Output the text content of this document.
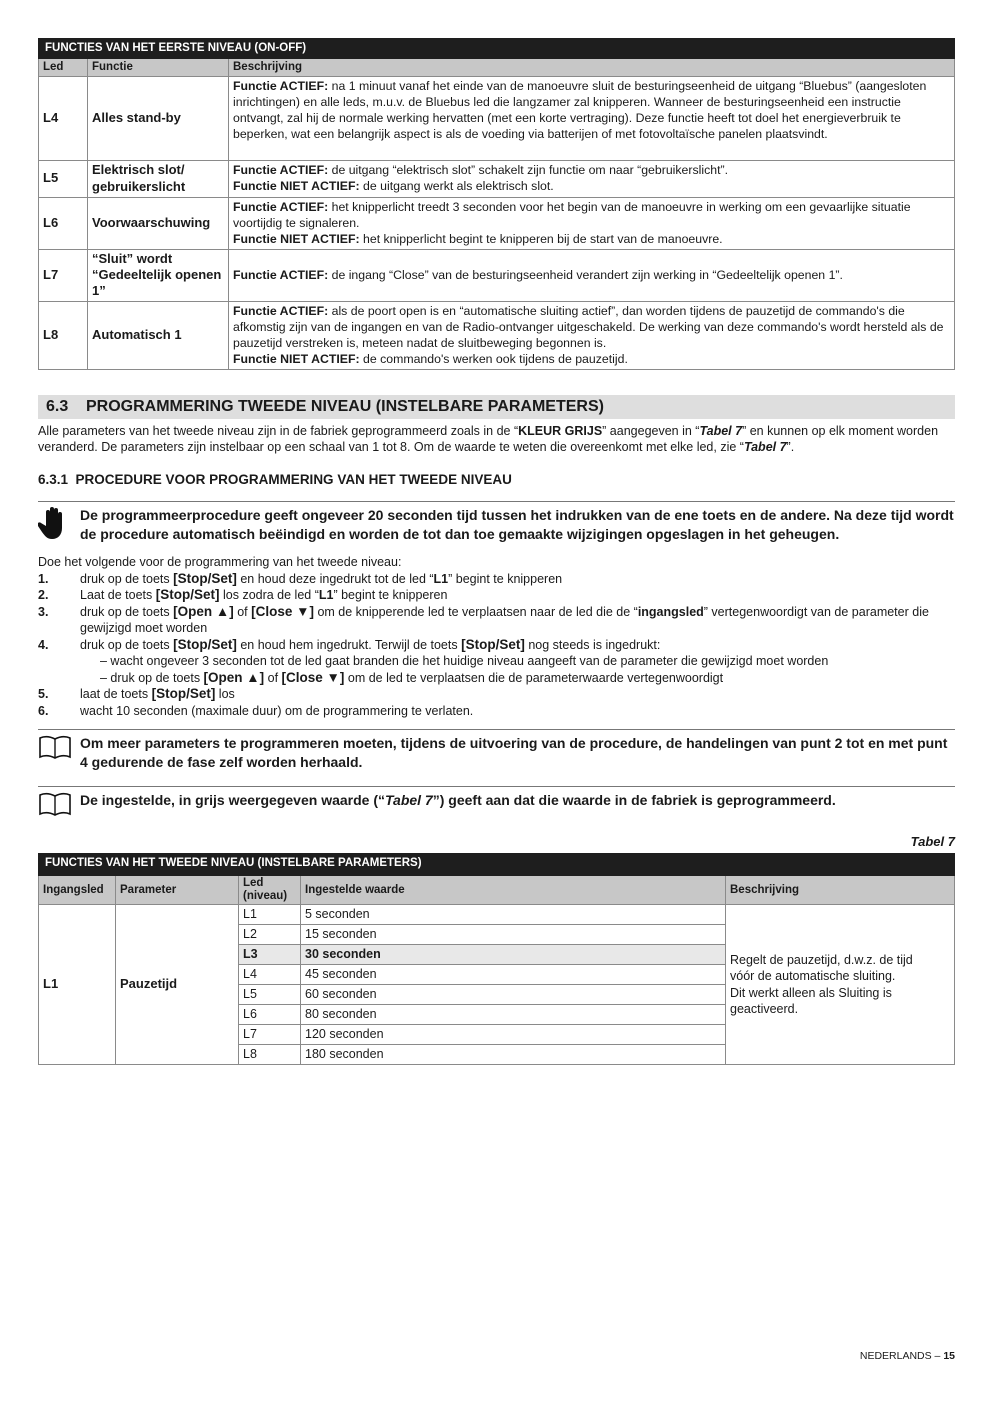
FUNCTIES VAN HET EERSTE NIVEAU (ON-OFF)		
Led	Functie	Beschrijving
L4	Alles stand-by	Functie ACTIEF: na 1 minuut vanaf het einde van de manoeuvre sluit de besturingseenheid de uitgang “Bluebus” (aangesloten inrichtingen) en alle leds, m.u.v. de Bluebus led die langzamer zal knipperen. Wanneer de besturingseenheid een instructie ontvangt, zal hij de normale werking hervatten (met een korte vertraging). Deze functie heeft tot doel het energieverbruik te beperken, wat een belangrijk aspect is als de voeding via batterijen of met fotovoltaïsche panelen plaatsvindt.
L5	Elektrisch slot/ gebruikerslicht	Functie ACTIEF: de uitgang “elektrisch slot” schakelt zijn functie om naar “gebruikerslicht”.
Functie NIET ACTIEF: de uitgang werkt als elektrisch slot.
L6	Voorwaarschuwing	Functie ACTIEF: het knipperlicht treedt 3 seconden voor het begin van de manoeuvre in werking om een gevaarlijke situatie voortijdig te signaleren.
Functie NIET ACTIEF: het knipperlicht begint te knipperen bij de start van de manoeuvre.
L7	“Sluit” wordt “Gedeeltelijk openen 1”	Functie ACTIEF: de ingang “Close” van de besturingseenheid verandert zijn werking in “Gedeeltelijk openen 1”.
L8	Automatisch 1	Functie ACTIEF: als de poort open is en “automatische sluiting actief”, dan worden tijdens de pauzetijd de commando's die afkomstig zijn van de ingangen en van de Radio-ontvanger uitgeschakeld. De werking van deze commando's wordt hersteld als de pauzetijd verstreken is, meteen nadat de sluitbeweging begonnen is.
Functie NIET ACTIEF: de commando's werken ook tijdens de pauzetijd.
6.3 PROGRAMMERING TWEEDE NIVEAU (INSTELBARE PARAMETERS)
Alle parameters van het tweede niveau zijn in de fabriek geprogrammeerd zoals in de “KLEUR GRIJS” aangegeven in “Tabel 7” en kunnen op elk moment worden veranderd. De parameters zijn instelbaar op een schaal van 1 tot 8. Om de waarde te weten die overeenkomt met elke led, zie “Tabel 7”.
6.3.1 PROCEDURE VOOR PROGRAMMERING VAN HET TWEEDE NIVEAU
De programmeerprocedure geeft ongeveer 20 seconden tijd tussen het indrukken van de ene toets en de andere. Na deze tijd wordt de procedure automatisch beëindigd en worden de tot dan toe gemaakte wijzigingen opgeslagen in het geheugen.
Doe het volgende voor de programmering van het tweede niveau:
1.	druk op de toets [Stop/Set] en houd deze ingedrukt tot de led “L1” begint te knipperen
2.	Laat de toets [Stop/Set] los zodra de led “L1” begint te knipperen
3.	druk op de toets [Open ▲] of [Close ▼] om de knipperende led te verplaatsen naar de led die de “ingangsled” vertegenwoordigt van de parameter die gewijzigd moet worden
4.	druk op de toets [Stop/Set] en houd hem ingedrukt. Terwijl de toets [Stop/Set] nog steeds is ingedrukt:
– wacht ongeveer 3 seconden tot de led gaat branden die het huidige niveau aangeeft van de parameter die gewijzigd moet worden
– druk op de toets [Open ▲] of [Close ▼] om de led te verplaatsen die de parameterwaarde vertegenwoordigt
5.	laat de toets [Stop/Set] los
6.	wacht 10 seconden (maximale duur) om de programmering te verlaten.
Om meer parameters te programmeren moeten, tijdens de uitvoering van de procedure, de handelingen van punt 2 tot en met punt 4 gedurende de fase zelf worden herhaald.
De ingestelde, in grijs weergegeven waarde (“Tabel 7”) geeft aan dat die waarde in de fabriek is geprogrammeerd.
Tabel 7
FUNCTIES VAN HET TWEEDE NIVEAU (INSTELBARE PARAMETERS)				
Ingangsled	Parameter	Led (niveau)	Ingestelde waarde	Beschrijving
L1	Pauzetijd	L1	5 seconden	Regelt de pauzetijd, d.w.z. de tijd
vóór de automatische sluiting.
Dit werkt alleen als Sluiting is
geactiveerd.
		L2	15 seconden	
		L3	30 seconden	
		L4	45 seconden	
		L5	60 seconden	
		L6	80 seconden	
		L7	120 seconden	
		L8	180 seconden	
NEDERLANDS – 15
